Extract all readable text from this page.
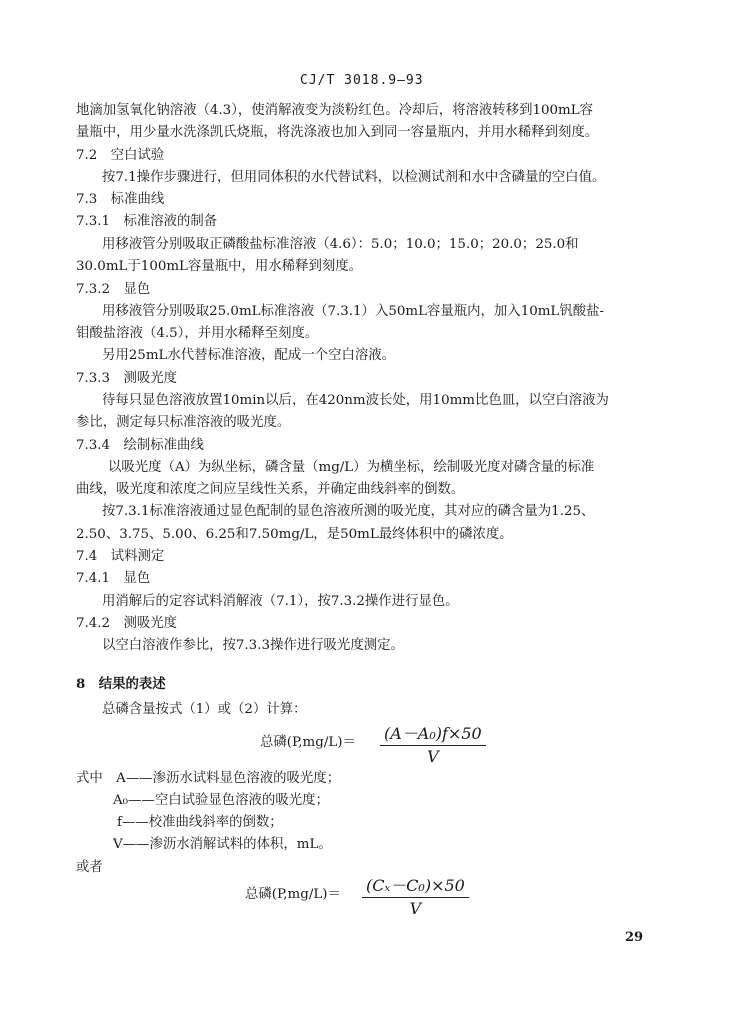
CJ/T 3018.9—93
地滴加氢氧化钠溶液（4.3），使消解液变为淡粉红色。冷却后，将溶液转移到100mL容
量瓶中，用少量水洗涤凯氏烧瓶，将洗涤液也加入到同一容量瓶内，并用水稀释到刻度。
7.2　空白试验
按7.1操作步骤进行，但用同体积的水代替试料，以检测试剂和水中含磷量的空白值。
7.3　标准曲线
7.3.1　标准溶液的制备
用移液管分别吸取正磷酸盐标准溶液（4.6）：5.0；10.0；15.0；20.0；25.0和
30.0mL于100mL容量瓶中，用水稀释到刻度。
7.3.2　显色
用移液管分别吸取25.0mL标准溶液（7.3.1）入50mL容量瓶内，加入10mL钒酸盐-
钼酸盐溶液（4.5），并用水稀释至刻度。
另用25mL水代替标准溶液，配成一个空白溶液。
7.3.3　测吸光度
待每只显色溶液放置10min以后，在420nm波长处，用10mm比色皿，以空白溶液为
参比，测定每只标准溶液的吸光度。
7.3.4　绘制标准曲线
以吸光度（A）为纵坐标，磷含量（mg/L）为横坐标，绘制吸光度对磷含量的标准
曲线，吸光度和浓度之间应呈线性关系，并确定曲线斜率的倒数。
按7.3.1标准溶液通过显色配制的显色溶液所测的吸光度，其对应的磷含量为1.25、
2.50、3.75、5.00、6.25和7.50mg/L，是50mL最终体积中的磷浓度。
7.4　试料测定
7.4.1　显色
用消解后的定容试料消解液（7.1），按7.3.2操作进行显色。
7.4.2　测吸光度
以空白溶液作参比，按7.3.3操作进行吸光度测定。
8　结果的表述
总磷含量按式（1）或（2）计算：
总磷$(P,mg/L)= \frac{\text{(A－A₀)f×50}}{V}$
式中　A——渗沥水试料显色溶液的吸光度；
A₀——空白试验显色溶液的吸光度；
f——校准曲线斜率的倒数；
V——渗沥水消解试料的体积，mL。
或者
总磷$(P,mg/L)= \frac{\text{(Cₓ－C₀)×50}}{V}$
29
